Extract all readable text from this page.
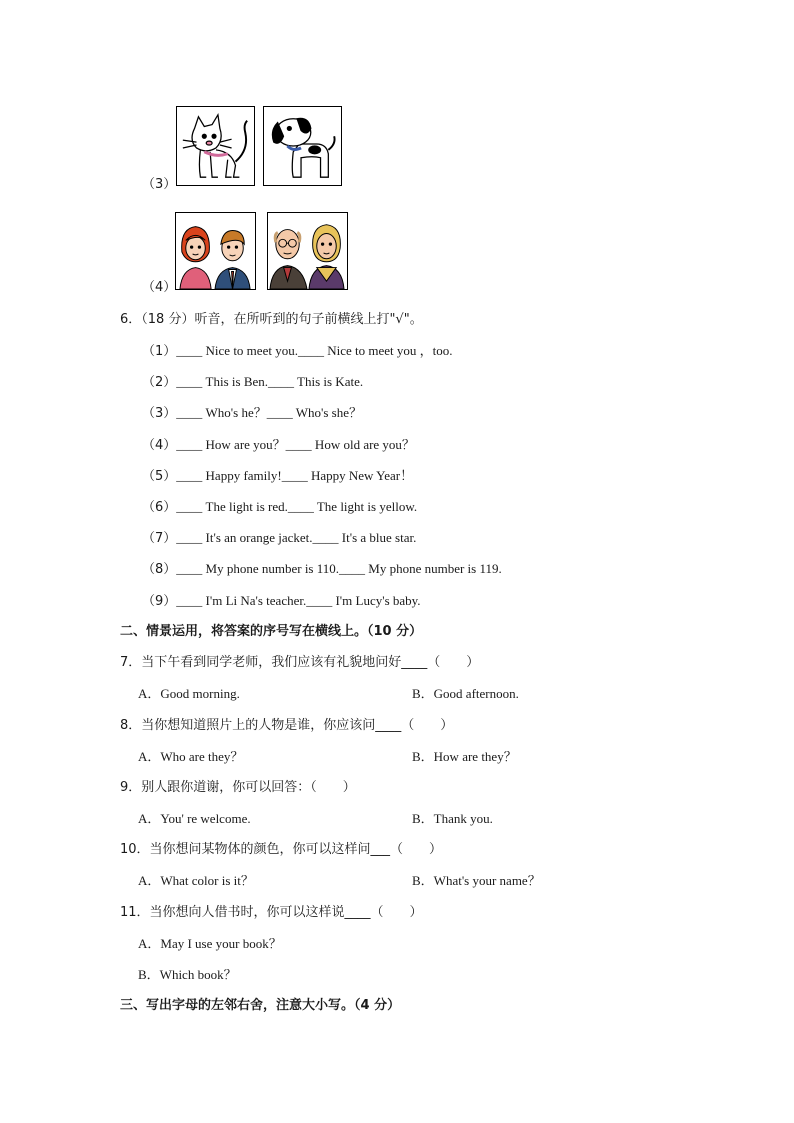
（3）
（4）
6．（18 分）听音，在所听到的句子前横线上打"√"。
（1）____ Nice to meet you.____ Nice to meet you ，too.
（2）____ This is Ben.____ This is Kate.
（3）____ Who's he？____ Who's she？
（4）____ How are you？____ How old are you？
（5）____ Happy family!____ Happy New Year！
（6）____ The light is red.____ The light is yellow.
（7）____ It's an orange jacket.____ It's a blue star.
（8）____ My phone number is 110.____ My phone number is 119.
（9）____ I'm Li Na's teacher.____ I'm Lucy's baby.
二、情景运用，将答案的序号写在横线上。（10 分）
7．当下午看到同学老师，我们应该有礼貌地问好____（　　）
A．Good morning.	B．Good afternoon.
8．当你想知道照片上的人物是谁，你应该问____（　　）
A．Who are they？	B．How are they？
9．别人跟你道谢，你可以回答：（　　）
A．You' re welcome.	B．Thank you.
10．当你想问某物体的颜色，你可以这样问___（　　）
A．What color is it？	B．What's your name？
11．当你想向人借书时，你可以这样说____（　　）
A．May I use your book？
B．Which book？
三、写出字母的左邻右舍，注意大小写。（4 分）
